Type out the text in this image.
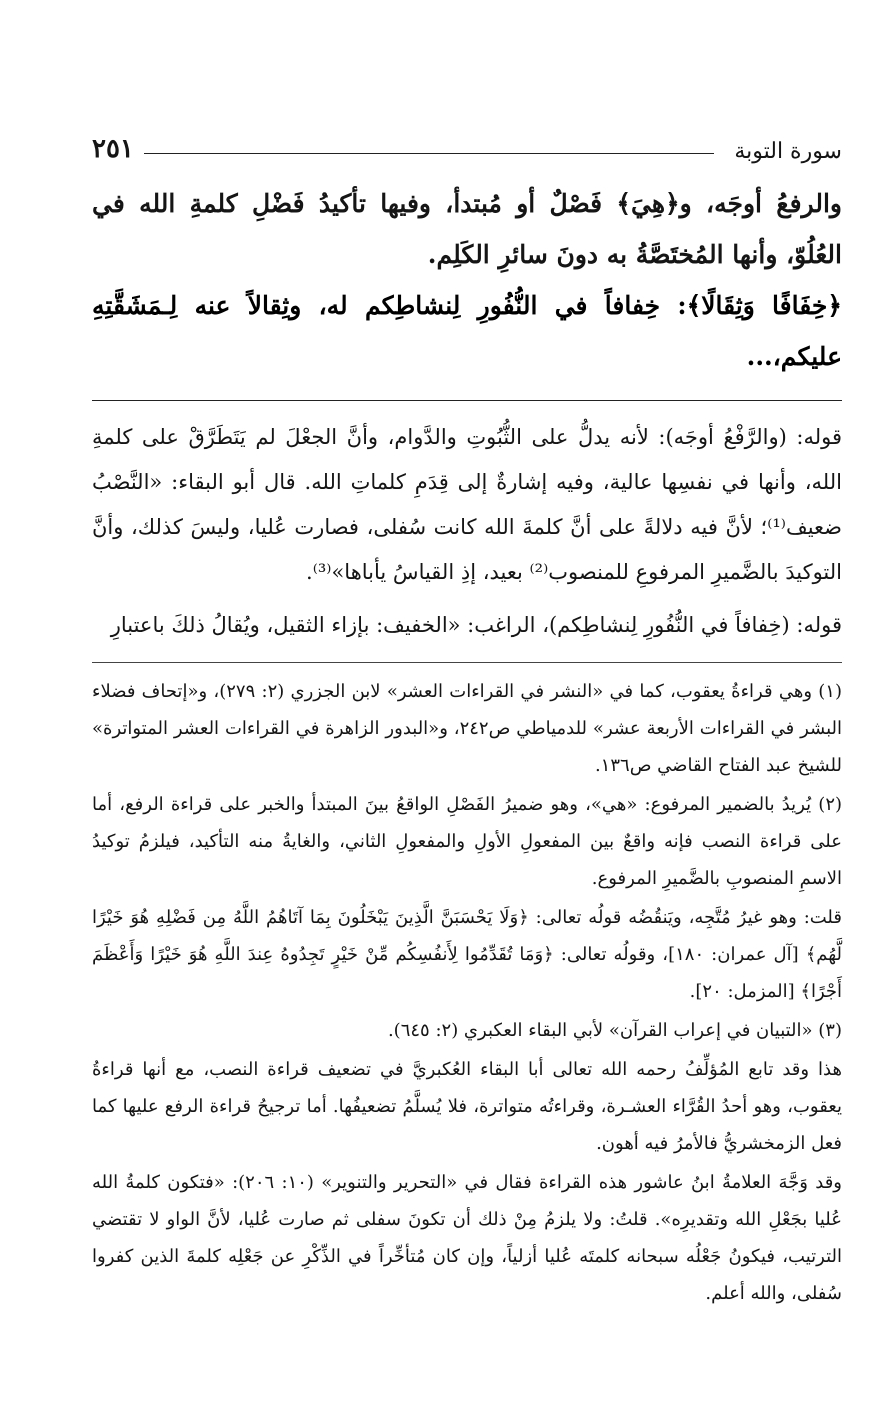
سورة التوبة
٢٥١

والرفعُ أوجَه، و﴿هِيَ﴾ فَصْلٌ أو مُبتدأ، وفيها تأكيدُ فَضْلِ كلمةِ الله في العُلُوّ، وأنها المُختَصَّةُ به دونَ سائرِ الكَلِم.

﴿خِفَافًا وَثِقَالًا﴾: خِفافاً في النُّفُورِ لِنشاطِكم له، وثِقالاً عنه لِـمَشَقَّتِهِ عليكم،...

قوله: (والرَّفْعُ أوجَه): لأنه يدلُّ على الثُّبُوتِ والدَّوام، وأنَّ الجعْلَ لم يَتَطَرَّقْ على كلمةِ الله، وأنها في نفسِها عالية، وفيه إشارةٌ إلى قِدَمِ كلماتِ الله. قال أبو البقاء: «النَّصْبُ ضعيف⁽¹⁾؛ لأنَّ فيه دلالةً على أنَّ كلمةَ الله كانت سُفلى، فصارت عُليا، وليسَ كذلك، وأنَّ التوكيدَ بالضَّميرِ المرفوعِ للمنصوب⁽²⁾ بعيد، إذِ القياسُ يأباها»⁽³⁾.

قوله: (خِفافاً في النُّفُورِ لِنشاطِكم)، الراغب: «الخفيف: بإزاء الثقيل، ويُقالُ ذلكَ باعتبارِ

(١) وهي قراءةُ يعقوب، كما في «النشر في القراءات العشر» لابن الجزري (٢: ٢٧٩)، و«إتحاف فضلاء البشر في القراءات الأربعة عشر» للدمياطي ص٢٤٢، و«البدور الزاهرة في القراءات العشر المتواترة» للشيخ عبد الفتاح القاضي ص١٣٦.

(٢) يُريدُ بالضمير المرفوع: «هي»، وهو ضميرُ الفَصْلِ الواقعُ بينَ المبتدأ والخبر على قراءة الرفع، أما على قراءة النصب فإنه واقعٌ بين المفعولِ الأولِ والمفعولِ الثاني، والغايةُ منه التأكيد، فيلزمُ توكيدُ الاسمِ المنصوبِ بالضَّميرِ المرفوع.

قلت: وهو غيرُ مُتَّجِه، ويَنقُضُه قولُه تعالى: ﴿وَلَا يَحْسَبَنَّ الَّذِينَ يَبْخَلُونَ بِمَا آتَاهُمُ اللَّهُ مِن فَضْلِهِ هُوَ خَيْرًا لَّهُم﴾ [آل عمران: ١٨٠]، وقولُه تعالى: ﴿وَمَا تُقَدِّمُوا لِأَنفُسِكُم مِّنْ خَيْرٍ تَجِدُوهُ عِندَ اللَّهِ هُوَ خَيْرًا وَأَعْظَمَ أَجْرًا﴾ [المزمل: ٢٠].

(٣) «التبيان في إعراب القرآن» لأبي البقاء العكبري (٢: ٦٤٥).

هذا وقد تابع المُؤلِّفُ رحمه الله تعالى أبا البقاء العُكبريَّ في تضعيف قراءة النصب، مع أنها قراءةُ يعقوب، وهو أحدُ القُرَّاء العشـرة، وقراءتُه متواترة، فلا يُسلَّمُ تضعيفُها. أما ترجيحُ قراءة الرفع عليها كما فعل الزمخشريُّ فالأمرُ فيه أهون.

وقد وَجَّهَ العلامةُ ابنُ عاشور هذه القراءة فقال في «التحرير والتنوير» (١٠: ٢٠٦): «فتكون كلمةُ الله عُليا بجَعْلِ الله وتقديرِه». قلتُ: ولا يلزمُ مِنْ ذلك أن تكونَ سفلى ثم صارت عُليا، لأنَّ الواو لا تقتضي الترتيب، فيكونُ جَعْلُه سبحانه كلمتَه عُليا أزلياً، وإن كان مُتأخِّراً في الذِّكْرِ عن جَعْلِه كلمةَ الذين كفروا سُفلى، والله أعلم.
